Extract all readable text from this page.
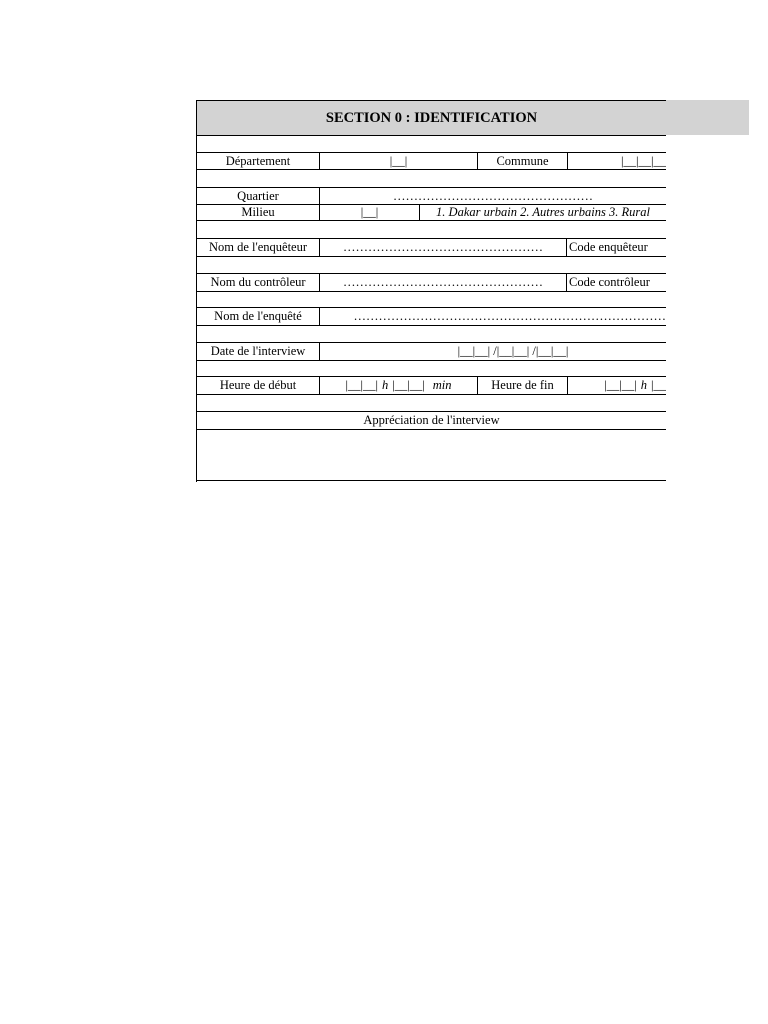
SECTION 0 : IDENTIFICATION
Département	|__|	Commune	|__|__|__
Quartier	…………………………………………
Milieu	|__|	1. Dakar urbain 2. Autres urbains 3. Rural
Nom de l'enquêteur	…………………………………………	Code enquêteur
Nom du contrôleur	…………………………………………	Code contrôleur
Nom de l'enquêté	…………………………………………………………………
Date de l'interview	|__|__| /|__|__| /|__|__|
Heure de début	|__|__| h |__|__| min	Heure de fin	|__|__| h |__
Appréciation de l'interview
